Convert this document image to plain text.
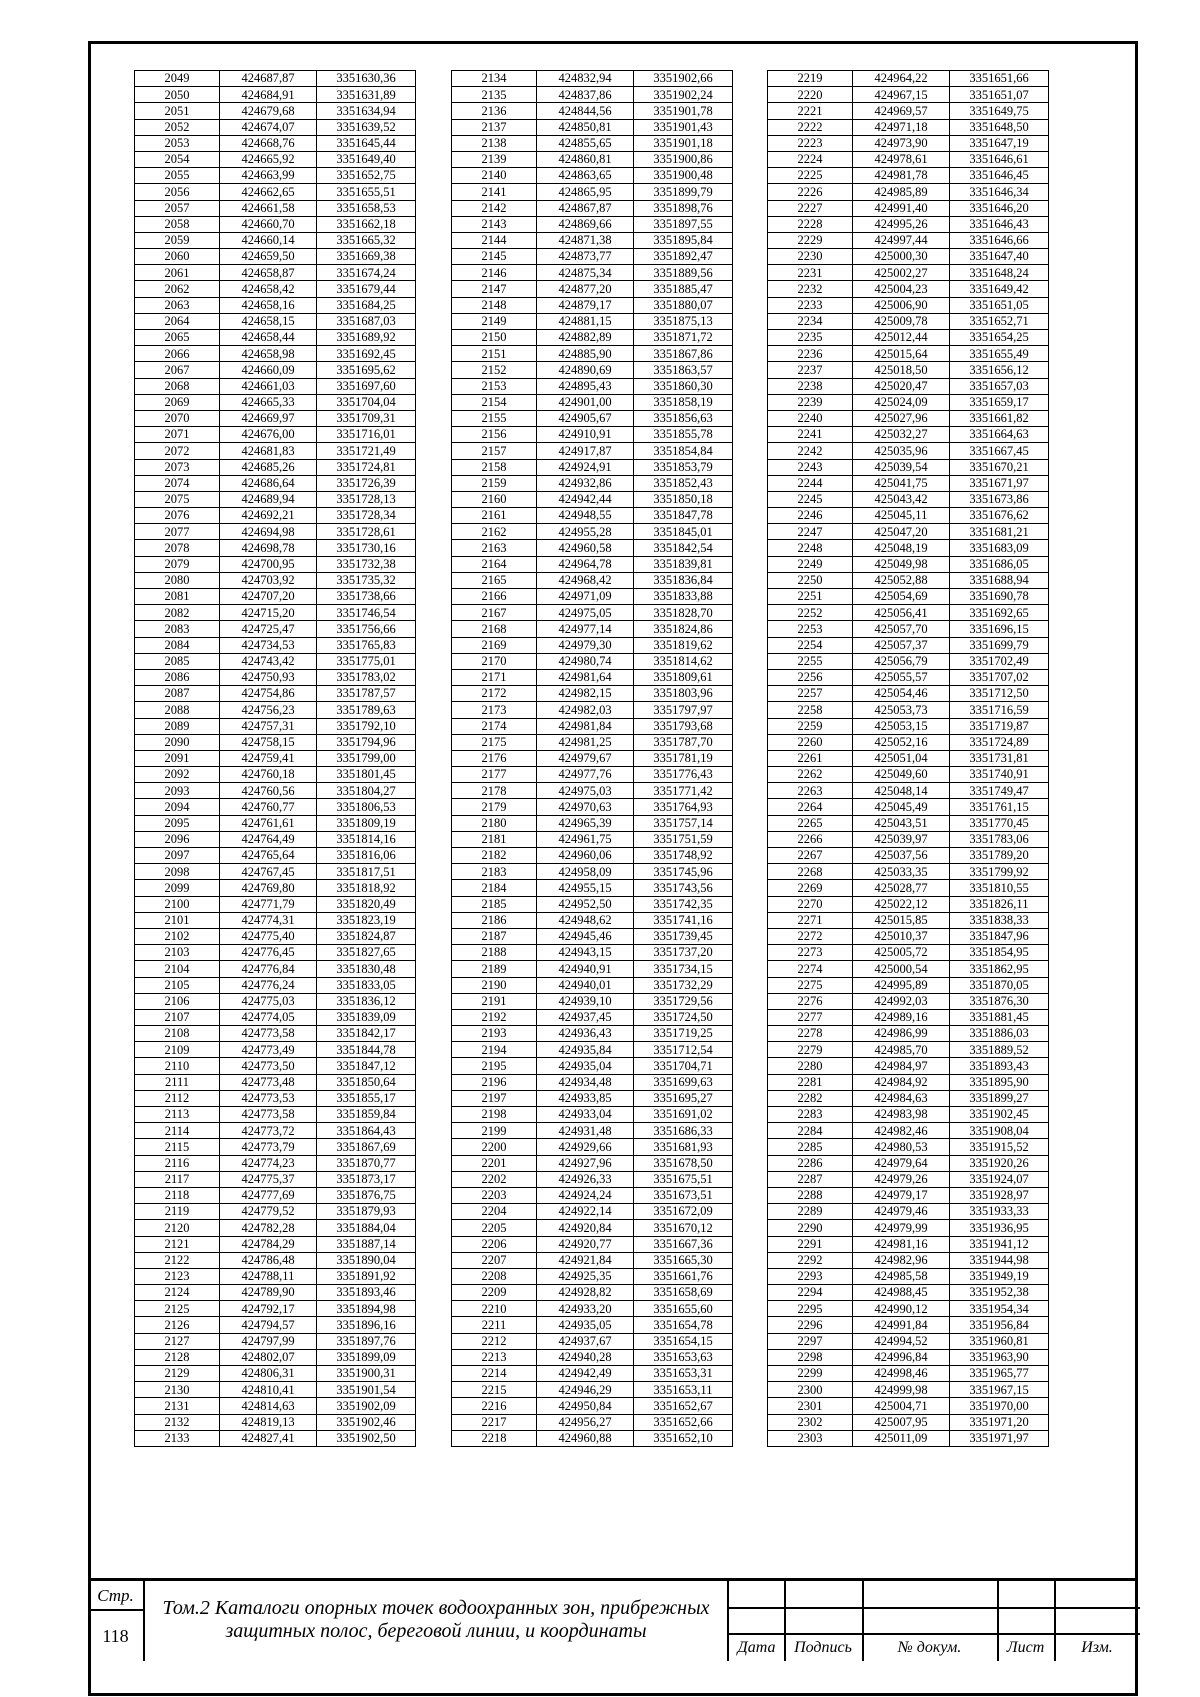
2049	424687,87	3351630,36
2050	424684,91	3351631,89
2051	424679,68	3351634,94
2052	424674,07	3351639,52
2053	424668,76	3351645,44
2054	424665,92	3351649,40
2055	424663,99	3351652,75
2056	424662,65	3351655,51
2057	424661,58	3351658,53
2058	424660,70	3351662,18
2059	424660,14	3351665,32
2060	424659,50	3351669,38
2061	424658,87	3351674,24
2062	424658,42	3351679,44
2063	424658,16	3351684,25
2064	424658,15	3351687,03
2065	424658,44	3351689,92
2066	424658,98	3351692,45
2067	424660,09	3351695,62
2068	424661,03	3351697,60
2069	424665,33	3351704,04
2070	424669,97	3351709,31
2071	424676,00	3351716,01
2072	424681,83	3351721,49
2073	424685,26	3351724,81
2074	424686,64	3351726,39
2075	424689,94	3351728,13
2076	424692,21	3351728,34
2077	424694,98	3351728,61
2078	424698,78	3351730,16
2079	424700,95	3351732,38
2080	424703,92	3351735,32
2081	424707,20	3351738,66
2082	424715,20	3351746,54
2083	424725,47	3351756,66
2084	424734,53	3351765,83
2085	424743,42	3351775,01
2086	424750,93	3351783,02
2087	424754,86	3351787,57
2088	424756,23	3351789,63
2089	424757,31	3351792,10
2090	424758,15	3351794,96
2091	424759,41	3351799,00
2092	424760,18	3351801,45
2093	424760,56	3351804,27
2094	424760,77	3351806,53
2095	424761,61	3351809,19
2096	424764,49	3351814,16
2097	424765,64	3351816,06
2098	424767,45	3351817,51
2099	424769,80	3351818,92
2100	424771,79	3351820,49
2101	424774,31	3351823,19
2102	424775,40	3351824,87
2103	424776,45	3351827,65
2104	424776,84	3351830,48
2105	424776,24	3351833,05
2106	424775,03	3351836,12
2107	424774,05	3351839,09
2108	424773,58	3351842,17
2109	424773,49	3351844,78
2110	424773,50	3351847,12
2111	424773,48	3351850,64
2112	424773,53	3351855,17
2113	424773,58	3351859,84
2114	424773,72	3351864,43
2115	424773,79	3351867,69
2116	424774,23	3351870,77
2117	424775,37	3351873,17
2118	424777,69	3351876,75
2119	424779,52	3351879,93
2120	424782,28	3351884,04
2121	424784,29	3351887,14
2122	424786,48	3351890,04
2123	424788,11	3351891,92
2124	424789,90	3351893,46
2125	424792,17	3351894,98
2126	424794,57	3351896,16
2127	424797,99	3351897,76
2128	424802,07	3351899,09
2129	424806,31	3351900,31
2130	424810,41	3351901,54
2131	424814,63	3351902,09
2132	424819,13	3351902,46
2133	424827,41	3351902,50
2134	424832,94	3351902,66
2135	424837,86	3351902,24
2136	424844,56	3351901,78
2137	424850,81	3351901,43
2138	424855,65	3351901,18
2139	424860,81	3351900,86
2140	424863,65	3351900,48
2141	424865,95	3351899,79
2142	424867,87	3351898,76
2143	424869,66	3351897,55
2144	424871,38	3351895,84
2145	424873,77	3351892,47
2146	424875,34	3351889,56
2147	424877,20	3351885,47
2148	424879,17	3351880,07
2149	424881,15	3351875,13
2150	424882,89	3351871,72
2151	424885,90	3351867,86
2152	424890,69	3351863,57
2153	424895,43	3351860,30
2154	424901,00	3351858,19
2155	424905,67	3351856,63
2156	424910,91	3351855,78
2157	424917,87	3351854,84
2158	424924,91	3351853,79
2159	424932,86	3351852,43
2160	424942,44	3351850,18
2161	424948,55	3351847,78
2162	424955,28	3351845,01
2163	424960,58	3351842,54
2164	424964,78	3351839,81
2165	424968,42	3351836,84
2166	424971,09	3351833,88
2167	424975,05	3351828,70
2168	424977,14	3351824,86
2169	424979,30	3351819,62
2170	424980,74	3351814,62
2171	424981,64	3351809,61
2172	424982,15	3351803,96
2173	424982,03	3351797,97
2174	424981,84	3351793,68
2175	424981,25	3351787,70
2176	424979,67	3351781,19
2177	424977,76	3351776,43
2178	424975,03	3351771,42
2179	424970,63	3351764,93
2180	424965,39	3351757,14
2181	424961,75	3351751,59
2182	424960,06	3351748,92
2183	424958,09	3351745,96
2184	424955,15	3351743,56
2185	424952,50	3351742,35
2186	424948,62	3351741,16
2187	424945,46	3351739,45
2188	424943,15	3351737,20
2189	424940,91	3351734,15
2190	424940,01	3351732,29
2191	424939,10	3351729,56
2192	424937,45	3351724,50
2193	424936,43	3351719,25
2194	424935,84	3351712,54
2195	424935,04	3351704,71
2196	424934,48	3351699,63
2197	424933,85	3351695,27
2198	424933,04	3351691,02
2199	424931,48	3351686,33
2200	424929,66	3351681,93
2201	424927,96	3351678,50
2202	424926,33	3351675,51
2203	424924,24	3351673,51
2204	424922,14	3351672,09
2205	424920,84	3351670,12
2206	424920,77	3351667,36
2207	424921,84	3351665,30
2208	424925,35	3351661,76
2209	424928,82	3351658,69
2210	424933,20	3351655,60
2211	424935,05	3351654,78
2212	424937,67	3351654,15
2213	424940,28	3351653,63
2214	424942,49	3351653,31
2215	424946,29	3351653,11
2216	424950,84	3351652,67
2217	424956,27	3351652,66
2218	424960,88	3351652,10
2219	424964,22	3351651,66
2220	424967,15	3351651,07
2221	424969,57	3351649,75
2222	424971,18	3351648,50
2223	424973,90	3351647,19
2224	424978,61	3351646,61
2225	424981,78	3351646,45
2226	424985,89	3351646,34
2227	424991,40	3351646,20
2228	424995,26	3351646,43
2229	424997,44	3351646,66
2230	425000,30	3351647,40
2231	425002,27	3351648,24
2232	425004,23	3351649,42
2233	425006,90	3351651,05
2234	425009,78	3351652,71
2235	425012,44	3351654,25
2236	425015,64	3351655,49
2237	425018,50	3351656,12
2238	425020,47	3351657,03
2239	425024,09	3351659,17
2240	425027,96	3351661,82
2241	425032,27	3351664,63
2242	425035,96	3351667,45
2243	425039,54	3351670,21
2244	425041,75	3351671,97
2245	425043,42	3351673,86
2246	425045,11	3351676,62
2247	425047,20	3351681,21
2248	425048,19	3351683,09
2249	425049,98	3351686,05
2250	425052,88	3351688,94
2251	425054,69	3351690,78
2252	425056,41	3351692,65
2253	425057,70	3351696,15
2254	425057,37	3351699,79
2255	425056,79	3351702,49
2256	425055,57	3351707,02
2257	425054,46	3351712,50
2258	425053,73	3351716,59
2259	425053,15	3351719,87
2260	425052,16	3351724,89
2261	425051,04	3351731,81
2262	425049,60	3351740,91
2263	425048,14	3351749,47
2264	425045,49	3351761,15
2265	425043,51	3351770,45
2266	425039,97	3351783,06
2267	425037,56	3351789,20
2268	425033,35	3351799,92
2269	425028,77	3351810,55
2270	425022,12	3351826,11
2271	425015,85	3351838,33
2272	425010,37	3351847,96
2273	425005,72	3351854,95
2274	425000,54	3351862,95
2275	424995,89	3351870,05
2276	424992,03	3351876,30
2277	424989,16	3351881,45
2278	424986,99	3351886,03
2279	424985,70	3351889,52
2280	424984,97	3351893,43
2281	424984,92	3351895,90
2282	424984,63	3351899,27
2283	424983,98	3351902,45
2284	424982,46	3351908,04
2285	424980,53	3351915,52
2286	424979,64	3351920,26
2287	424979,26	3351924,07
2288	424979,17	3351928,97
2289	424979,46	3351933,33
2290	424979,99	3351936,95
2291	424981,16	3351941,12
2292	424982,96	3351944,98
2293	424985,58	3351949,19
2294	424988,45	3351952,38
2295	424990,12	3351954,34
2296	424991,84	3351956,84
2297	424994,52	3351960,81
2298	424996,84	3351963,90
2299	424998,46	3351965,77
2300	424999,98	3351967,15
2301	425004,71	3351970,00
2302	425007,95	3351971,20
2303	425011,09	3351971,97
Стр.
118
Том.2 Каталоги опорных точек водоохранных зон, прибрежных
защитных полос, береговой линии, и координаты
Дата	Подпись	№ докум.	Лист	Изм.
